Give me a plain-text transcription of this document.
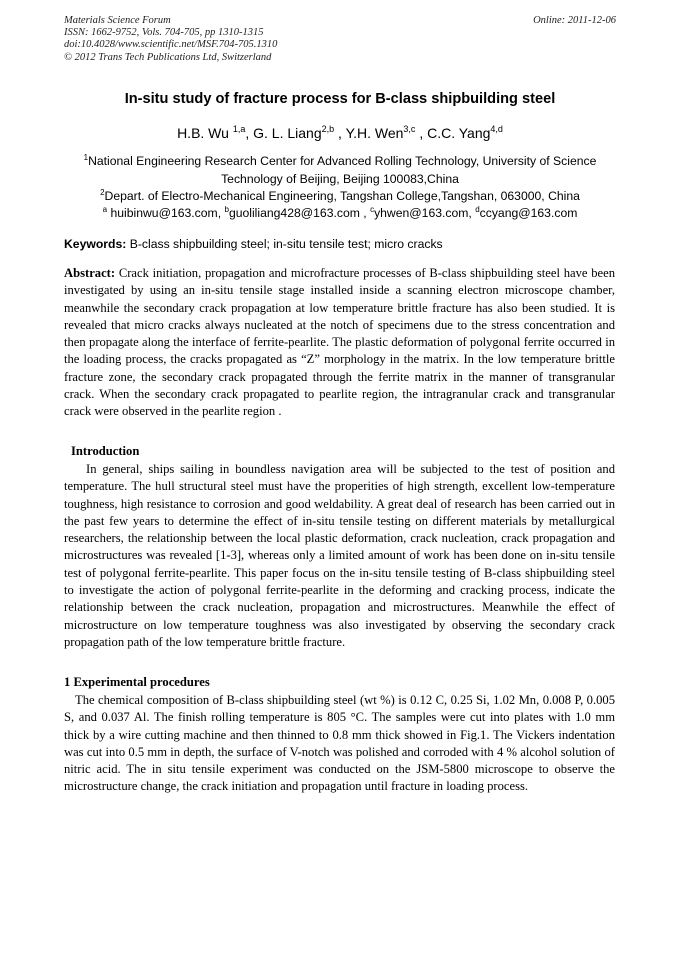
Materials Science Forum
ISSN: 1662-9752, Vols. 704-705, pp 1310-1315
doi:10.4028/www.scientific.net/MSF.704-705.1310
© 2012 Trans Tech Publications Ltd, Switzerland
Online: 2011-12-06
In-situ study of fracture process for B-class shipbuilding steel
H.B. Wu $^{1,a}$, G. L. Liang$^{2,b}$ , Y.H. Wen$^{3,c}$ , C.C. Yang$^{4,d}$
$^1$National Engineering Research Center for Advanced Rolling Technology, University of Science Technology of Beijing, Beijing 100083,China
$^2$Depart. of Electro-Mechanical Engineering, Tangshan College,Tangshan, 063000, China
$^a$ huibinwu@163.com, $^b$guoliliang428@163.com , $^c$yhwen@163.com, $^d$ccyang@163.com
Keywords: B-class shipbuilding steel; in-situ tensile test; micro cracks
Abstract: Crack initiation, propagation and microfracture processes of B-class shipbuilding steel have been investigated by using an in-situ tensile stage installed inside a scanning electron microscope chamber, meanwhile the secondary crack propagation at low temperature brittle fracture has also been studied. It is revealed that micro cracks always nucleated at the notch of specimens due to the stress concentration and then propagate along the interface of ferrite-pearlite. The plastic deformation of polygonal ferrite occurred in the loading process, the cracks propagated as “Z” morphology in the matrix. In the low temperature brittle fracture zone, the secondary crack propagated through the ferrite matrix in the manner of transgranular crack. When the secondary crack propagated to pearlite region, the intragranular crack and transgranular crack were observed in the pearlite region .
Introduction
In general, ships sailing in boundless navigation area will be subjected to the test of position and temperature. The hull structural steel must have the properities of high strength, excellent low-temperature toughness, high resistance to corrosion and good weldability. A great deal of research has been carried out in the past few years to determine the effect of in-situ tensile testing on different materials by metallurgical researchers, the relationship between the local plastic deformation, crack nucleation, crack propagation and microstructures was revealed [1-3], whereas only a limited amount of work has been done on in-situ tensile test of polygonal ferrite-pearlite. This paper focus on the in-situ tensile testing of B-class shipbuilding steel to investigate the action of polygonal ferrite-pearlite in the deforming and cracking process, indicate the relationship between the crack nucleation, propagation and microstructures. Meanwhile the effect of microstructure on low temperature toughness was also investigated by observing the secondary crack propagation path of the low temperature brittle fracture.
1 Experimental procedures
The chemical composition of B-class shipbuilding steel (wt %) is 0.12 C, 0.25 Si, 1.02 Mn, 0.008 P, 0.005 S, and 0.037 Al. The finish rolling temperature is 805 °C. The samples were cut into plates with 1.0 mm thick by a wire cutting machine and then thinned to 0.8 mm thick showed in Fig.1. The Vickers indentation was cut into 0.5 mm in depth, the surface of V-notch was polished and corroded with 4 % alcohol solution of nitric acid. The in situ tensile experiment was conducted on the JSM-5800 microscope to observe the microstructure change, the crack initiation and propagation until fracture in loading process.
